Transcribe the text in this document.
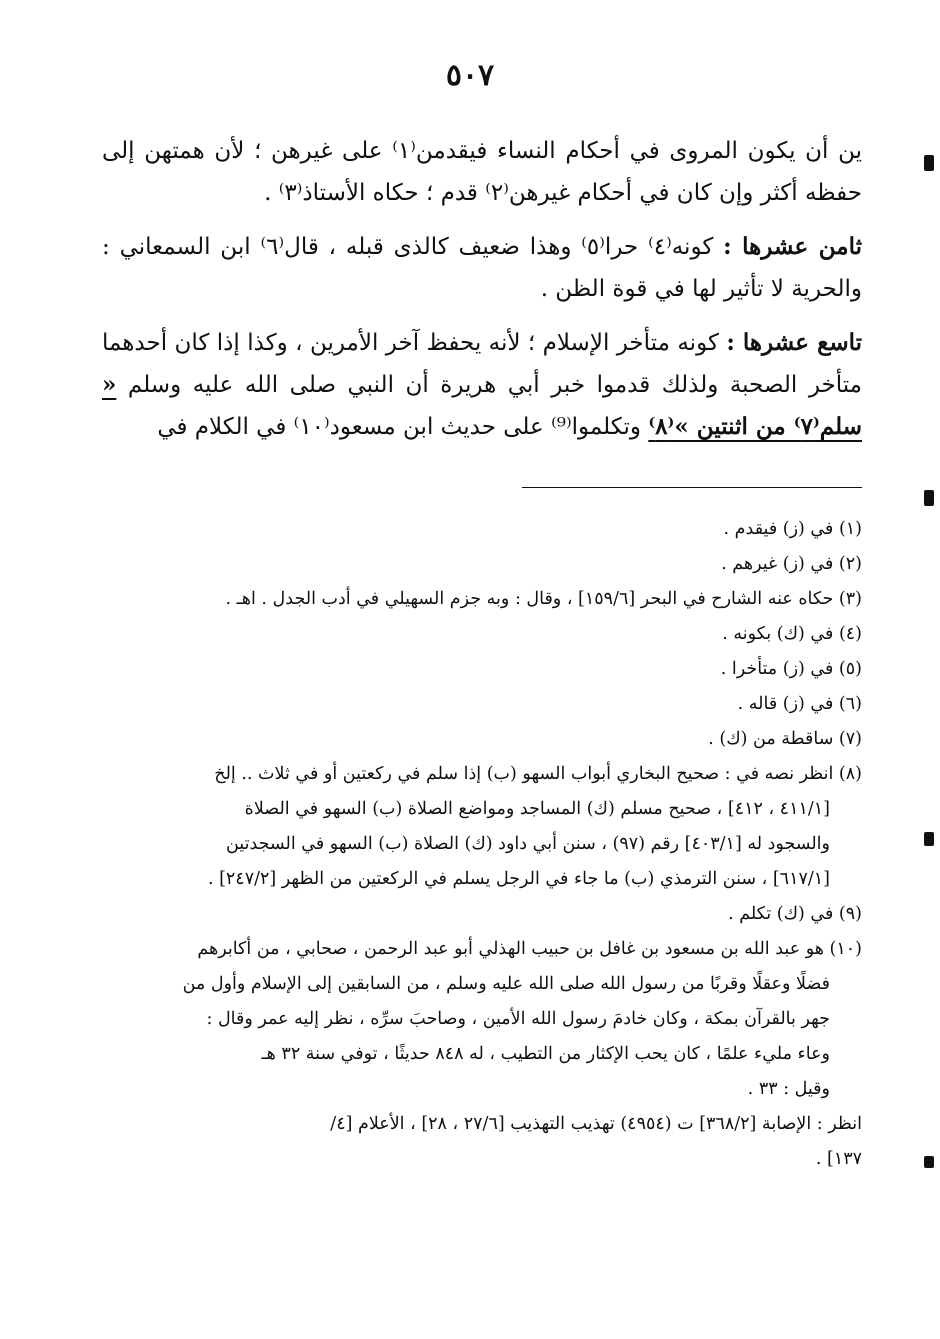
٥٠٧

ين أن يكون المروى في أحكام النساء فيقدمن⁽١⁾ على غيرهن ؛ لأن همتهن إلى حفظه أكثر وإن كان في أحكام غيرهن⁽٢⁾ قدم ؛ حكاه الأستاذ⁽٣⁾ .

ثامن عشرها : كونه⁽٤⁾ حرا⁽٥⁾ وهذا ضعيف كالذى قبله ، قال⁽٦⁾ ابن السمعاني : والحرية لا تأثير لها في قوة الظن .

تاسع عشرها : كونه متأخر الإسلام ؛ لأنه يحفظ آخر الأمرين ، وكذا إذا كان أحدهما متأخر الصحبة ولذلك قدموا خبر أبي هريرة أن النبي صلى الله عليه وسلم « سلم⁽٧⁾ من اثنتين »⁽٨⁾ وتكلموا⁽⁹⁾ على حديث ابن مسعود⁽١٠⁾ في الكلام في

(١) في (ز) فيقدم .

(٢) في (ز) غيرهم .

(٣) حكاه عنه الشارح في البحر [١٥٩/٦] ، وقال : وبه جزم السهيلي في أدب الجدل . اهـ .

(٤) في (ك) بكونه .

(٥) في (ز) متأخرا .

(٦) في (ز) قاله .

(٧) ساقطة من (ك) .

(٨) انظر نصه في : صحيح البخاري أبواب السهو (ب) إذا سلم في ركعتين أو في ثلاث .. إلخ

[٤١١/١ ، ٤١٢] ، صحيح مسلم (ك) المساجد ومواضع الصلاة (ب) السهو في الصلاة

والسجود له [٤٠٣/١] رقم (٩٧) ، سنن أبي داود (ك) الصلاة (ب) السهو في السجدتين

[٦١٧/١] ، سنن الترمذي (ب) ما جاء في الرجل يسلم في الركعتين من الظهر [٢٤٧/٢] .

(٩) في (ك) تكلم .

(١٠) هو عبد الله بن مسعود بن غافل بن حبيب الهذلي أبو عبد الرحمن ، صحابي ، من أكابرهم

فضلًا وعقلًا وقربًا من رسول الله صلى الله عليه وسلم ، من السابقين إلى الإسلام وأول من

جهر بالقرآن بمكة ، وكان خادمَ رسول الله الأمين ، وصاحبَ سرِّه ، نظر إليه عمر وقال :

وعاء مليء علمًا ، كان يحب الإكثار من التطيب ، له ٨٤٨ حديثًا ، توفي سنة ٣٢ هـ

وقيل : ٣٣ .

انظر : الإصابة [٣٦٨/٢] ت (٤٩٥٤) تهذيب التهذيب [٢٧/٦ ، ٢٨] ، الأعلام [٤/

١٣٧] .
